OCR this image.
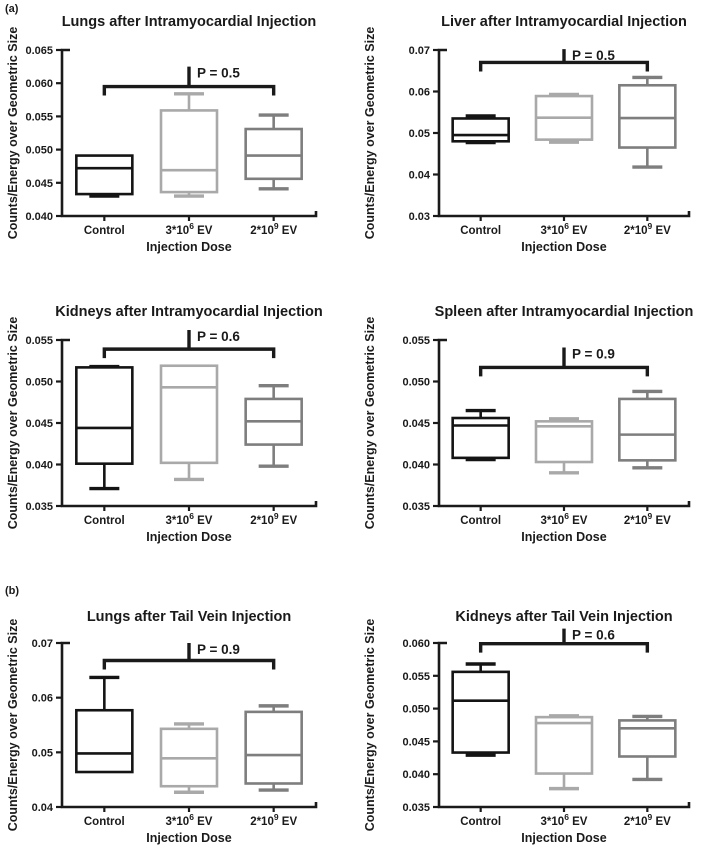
(a)
(b)
Lungs after Intramyocardial Injection
Counts/Energy over Geometric Size
Injection Dose
0.065
0.060
0.055
0.050
0.045
0.040
Control	$3*10^6$ EV	$2*10^9$ EV
P = 0.5
Liver after Intramyocardial Injection
Counts/Energy over Geometric Size
Injection Dose
0.07
0.06
0.05
0.04
0.03
Control	$3*10^6$ EV	$2*10^9$ EV
P = 0.5
Kidneys after Intramyocardial Injection
Counts/Energy over Geometric Size
Injection Dose
0.055
0.050
0.045
0.040
0.035
Control	$3*10^6$ EV	$2*10^9$ EV
P = 0.6
Spleen after Intramyocardial Injection
Counts/Energy over Geometric Size
Injection Dose
0.055
0.050
0.045
0.040
0.035
Control	$3*10^6$ EV	$2*10^9$ EV
P = 0.9
Lungs after Tail Vein Injection
Counts/Energy over Geometric Size
Injection Dose
0.07
0.06
0.05
0.04
Control	$3*10^6$ EV	$2*10^9$ EV
P = 0.9
Kidneys after Tail Vein Injection
Counts/Energy over Geometric Size
Injection Dose
0.060
0.055
0.050
0.045
0.040
0.035
Control	$3*10^6$ EV	$2*10^9$ EV
P = 0.6
